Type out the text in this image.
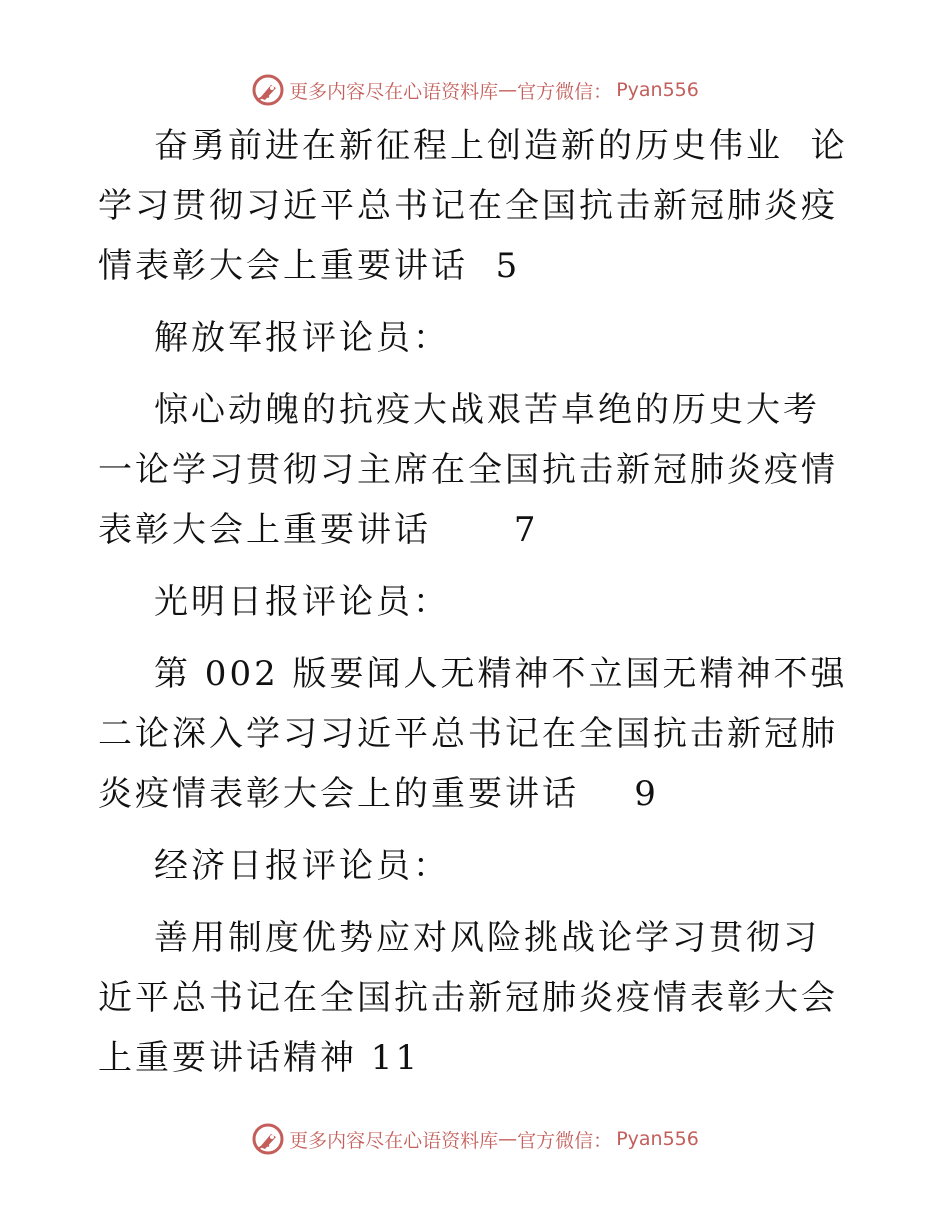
更多内容尽在心语资料库 — 官方微信： Pyan556

奋勇前进在新征程上创造新的历史伟业  论学习贯彻习近平总书记在全国抗击新冠肺炎疫情表彰大会上重要讲话  5

解放军报评论员：

惊心动魄的抗疫大战艰苦卓绝的历史大考  一论学习贯彻习主席在全国抗击新冠肺炎疫情表彰大会上重要讲话      7

光明日报评论员：

第 002 版要闻人无精神不立国无精神不强  二论深入学习习近平总书记在全国抗击新冠肺炎疫情表彰大会上的重要讲话    9

经济日报评论员：

善用制度优势应对风险挑战论学习贯彻习近平总书记在全国抗击新冠肺炎疫情表彰大会上重要讲话精神 11

更多内容尽在心语资料库 — 官方微信： Pyan556
